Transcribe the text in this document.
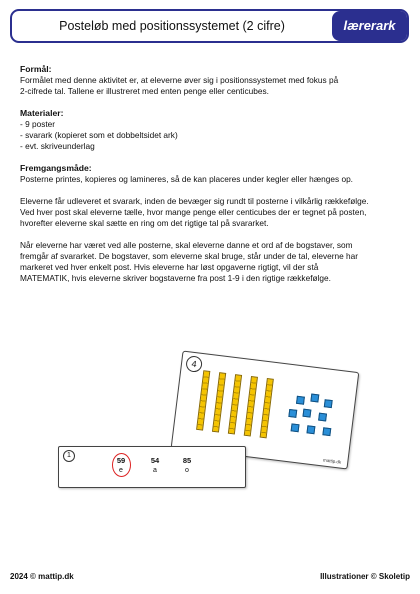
Posteløb med positionssystemet (2 cifre)	lærerark
Formål:

Formålet med denne aktivitet er, at eleverne øver sig i positionssystemet med fokus på

2-cifrede tal. Tallene er illustreret med enten penge eller centicubes.

Materialer:
- 9 poster
- svarark (kopieret som et dobbeltsidet ark)
- evt. skriveunderlag
Fremgangsmåde:

Posterne printes, kopieres og lamineres, så de kan placeres under kegler eller hænges op.

Eleverne får udleveret et svarark, inden de bevæger sig rundt til posterne i vilkårlig rækkefølge.

Ved hver post skal eleverne tælle, hvor mange penge eller centicubes der er tegnet på posten,

hvorefter eleverne skal sætte en ring om det rigtige tal på svararket.

Når eleverne har været ved alle posterne, skal eleverne danne et ord af de bogstaver, som

fremgår af svararket. De bogstaver, som eleverne skal bruge, står under de tal, eleverne har

markeret ved hver enkelt post. Hvis eleverne har løst opgaverne rigtigt, vil der stå

MATEMATIK, hvis eleverne skriver bogstaverne fra post 1-9 i den rigtige rækkefølge.

4
mattip.dk
1
59
e
54
a
85
o
2024 © mattip.dk	Illustrationer © Skoletip
